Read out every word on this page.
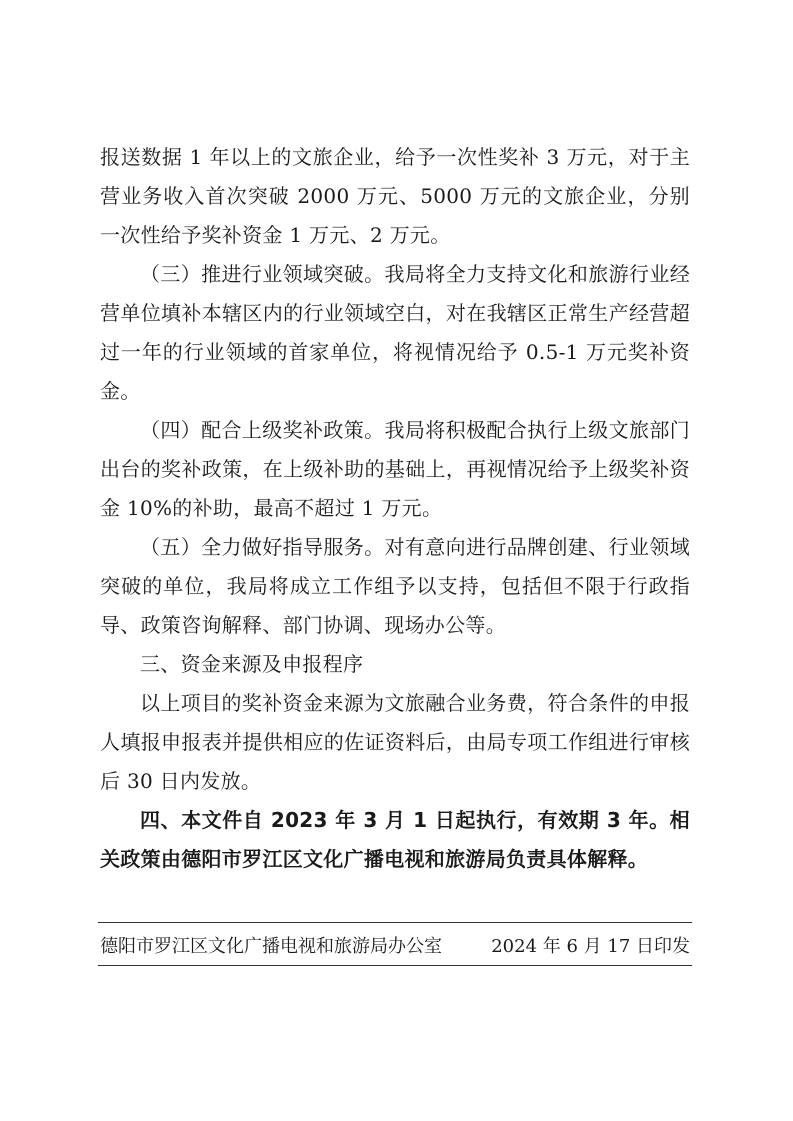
报送数据 1 年以上的文旅企业，给予一次性奖补 3 万元，对于主营业务收入首次突破 2000 万元、5000 万元的文旅企业，分别一次性给予奖补资金 1 万元、2 万元。

（三）推进行业领域突破。我局将全力支持文化和旅游行业经营单位填补本辖区内的行业领域空白，对在我辖区正常生产经营超过一年的行业领域的首家单位，将视情况给予 0.5-1 万元奖补资金。

（四）配合上级奖补政策。我局将积极配合执行上级文旅部门出台的奖补政策，在上级补助的基础上，再视情况给予上级奖补资金 10%的补助，最高不超过 1 万元。

（五）全力做好指导服务。对有意向进行品牌创建、行业领域突破的单位，我局将成立工作组予以支持，包括但不限于行政指导、政策咨询解释、部门协调、现场办公等。

三、资金来源及申报程序

以上项目的奖补资金来源为文旅融合业务费，符合条件的申报人填报申报表并提供相应的佐证资料后，由局专项工作组进行审核后 30 日内发放。

四、本文件自 2023 年 3 月 1 日起执行，有效期 3 年。相关政策由德阳市罗江区文化广播电视和旅游局负责具体解释。

德阳市罗江区文化广播电视和旅游局办公室	2024 年 6 月 17 日印发
